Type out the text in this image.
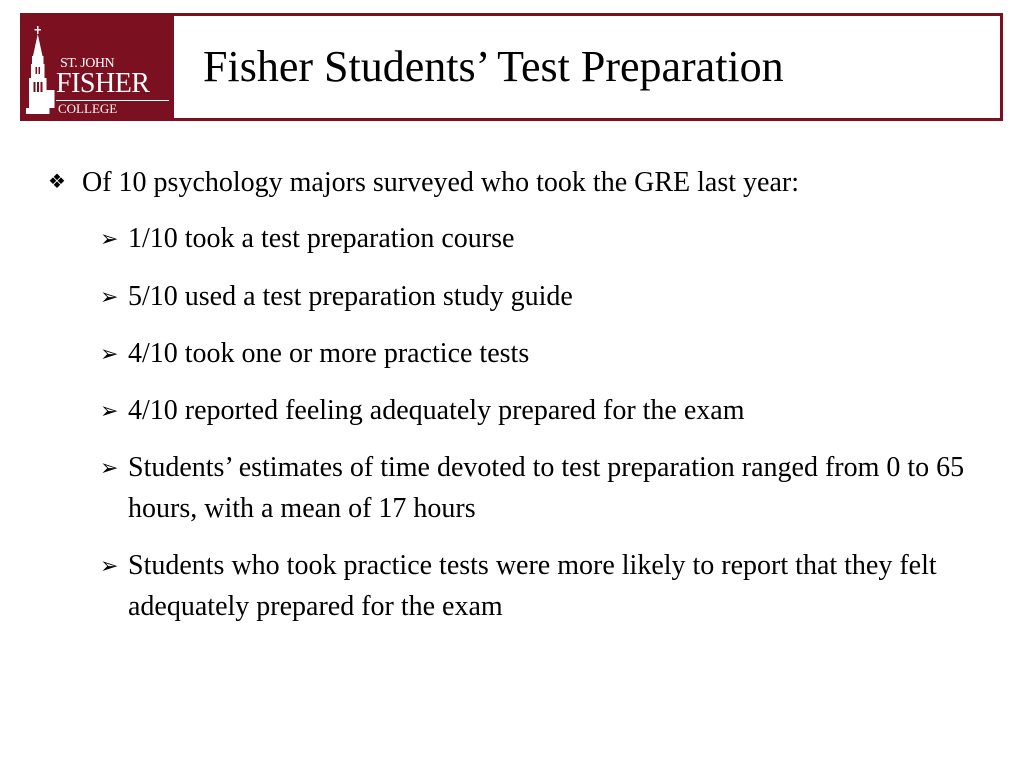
ST. JOHN
FISHER
COLLEGE
Fisher Students’ Test Preparation
❖ Of 10 psychology majors surveyed who took the GRE last year:
➢ 1/10 took a test preparation course
➢ 5/10 used a test preparation study guide
➢ 4/10 took one or more practice tests
➢ 4/10 reported feeling adequately prepared for the exam
➢ Students’ estimates of time devoted to test preparation ranged from 0 to 65 hours, with a mean of 17 hours
➢ Students who took practice tests were more likely to report that they felt adequately prepared for the exam
